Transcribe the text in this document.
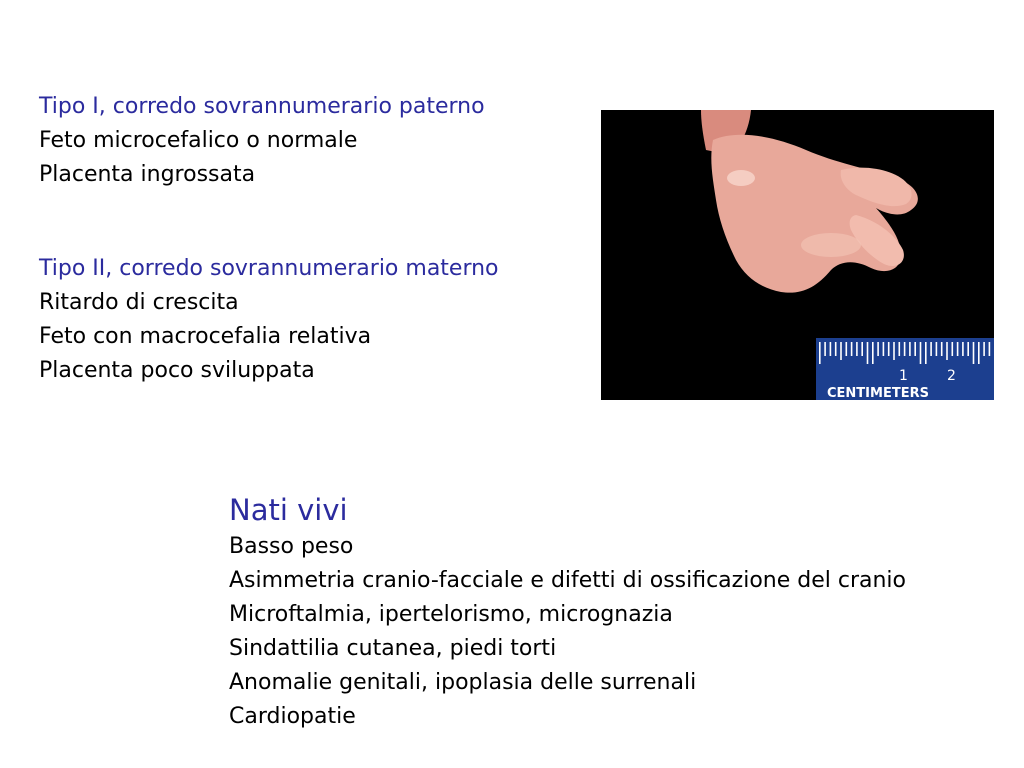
Tipo I, corredo sovrannumerario paterno
Feto microcefalico o normale
Placenta ingrossata
Tipo II, corredo sovrannumerario materno
Ritardo di crescita
Feto con macrocefalia relativa
Placenta poco sviluppata	1	2
CENTIMETERS
Nati vivi
Basso peso
Asimmetria cranio-facciale e difetti di ossificazione del cranio
Microftalmia, ipertelorismo, micrognazia
Sindattilia cutanea, piedi torti
Anomalie genitali, ipoplasia delle surrenali
Cardiopatie
